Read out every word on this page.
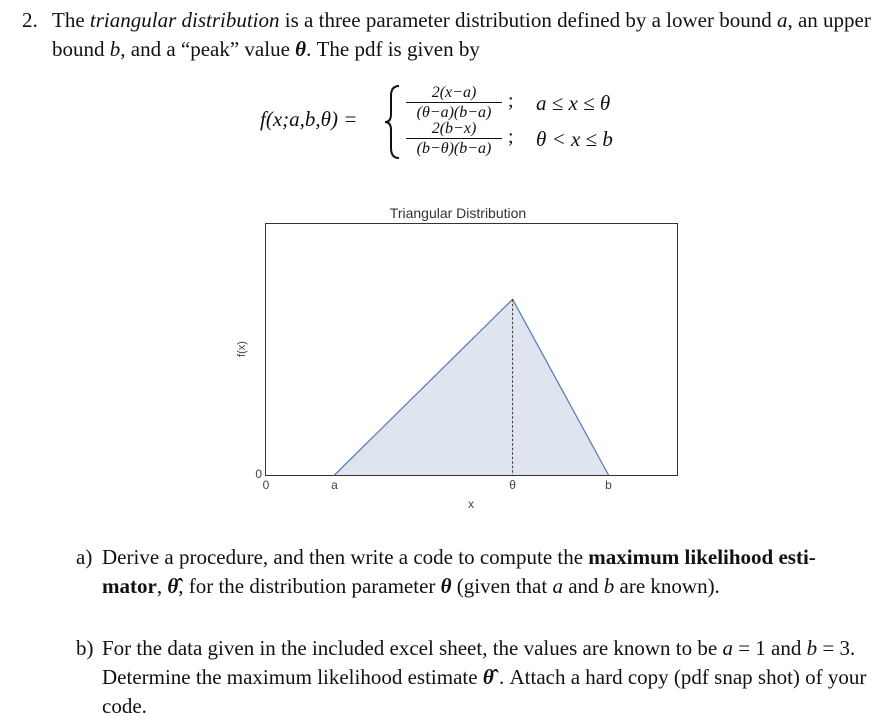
2. The triangular distribution is a three parameter distribution defined by a lower bound a, an upper bound b, and a “peak” value θ. The pdf is given by
f(x;a,b,θ) =
2(x−a)
(θ−a)(b−a)
; a ≤ x ≤ θ
2(b−x)
(b−θ)(b−a)
; θ < x ≤ b
Triangular Distribution
0	a	θ	b
0
x
f(x)
a) Derive a procedure, and then write a code to compute the maximum likelihood esti-mator, θ̂, for the distribution parameter θ (given that a and b are known).
b) For the data given in the included excel sheet, the values are known to be a = 1 and b = 3. Determine the maximum likelihood estimate θ̂ . Attach a hard copy (pdf snap shot) of your code.
